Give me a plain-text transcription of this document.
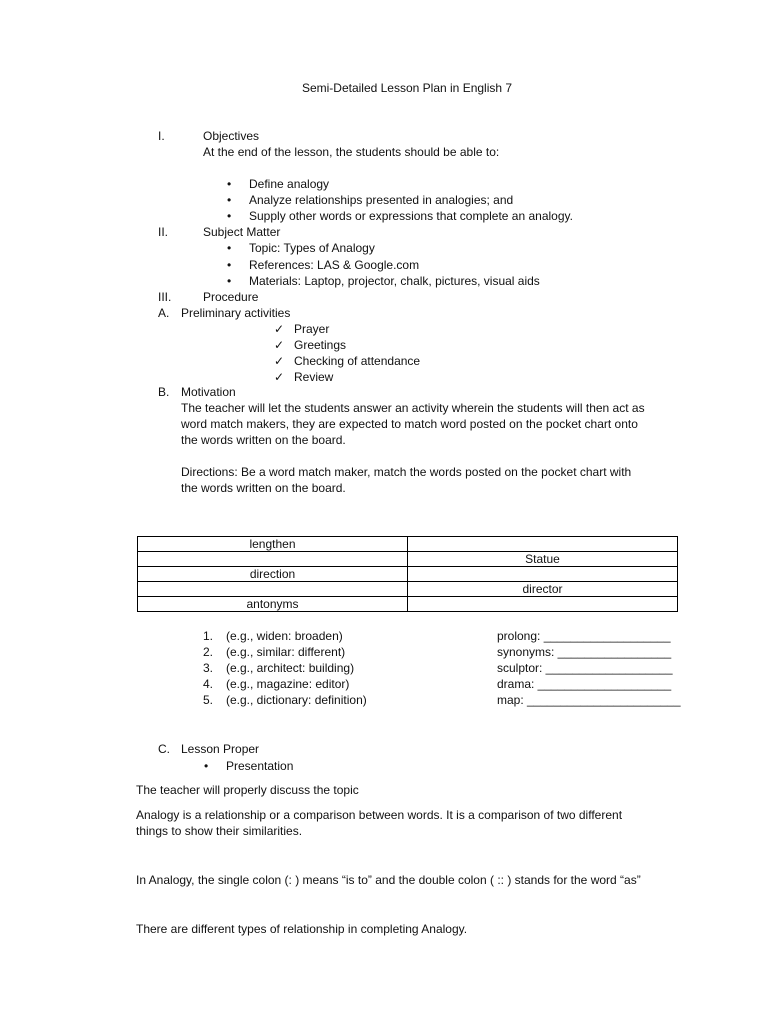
Semi-Detailed Lesson Plan in English 7
I.	Objectives
At the end of the lesson, the students should be able to:
• Define analogy
• Analyze relationships presented in analogies; and
• Supply other words or expressions that complete an analogy.
II.	Subject Matter
• Topic: Types of Analogy
• References: LAS & Google.com
• Materials: Laptop, projector, chalk, pictures, visual aids
III.	Procedure
A. Preliminary activities
✓ Prayer
✓ Greetings
✓ Checking of attendance
✓ Review
B. Motivation
The teacher will let the students answer an activity wherein the students will then act as
word match makers, they are expected to match word posted on the pocket chart onto
the words written on the board.
Directions: Be a word match maker, match the words posted on the pocket chart with
the words written on the board.
lengthen	
	Statue
direction	
	director
antonyms	
1. (e.g., widen: broaden)	prolong: ___________________
2. (e.g., similar: different)	synonyms: _________________
3. (e.g., architect: building)	sculptor: ___________________
4. (e.g., magazine: editor)	drama: ____________________
5. (e.g., dictionary: definition)	map: _______________________
C. Lesson Proper
• Presentation
The teacher will properly discuss the topic
Analogy is a relationship or a comparison between words. It is a comparison of two different
things to show their similarities.
In Analogy, the single colon (: ) means “is to” and the double colon ( :: ) stands for the word “as”
There are different types of relationship in completing Analogy.
